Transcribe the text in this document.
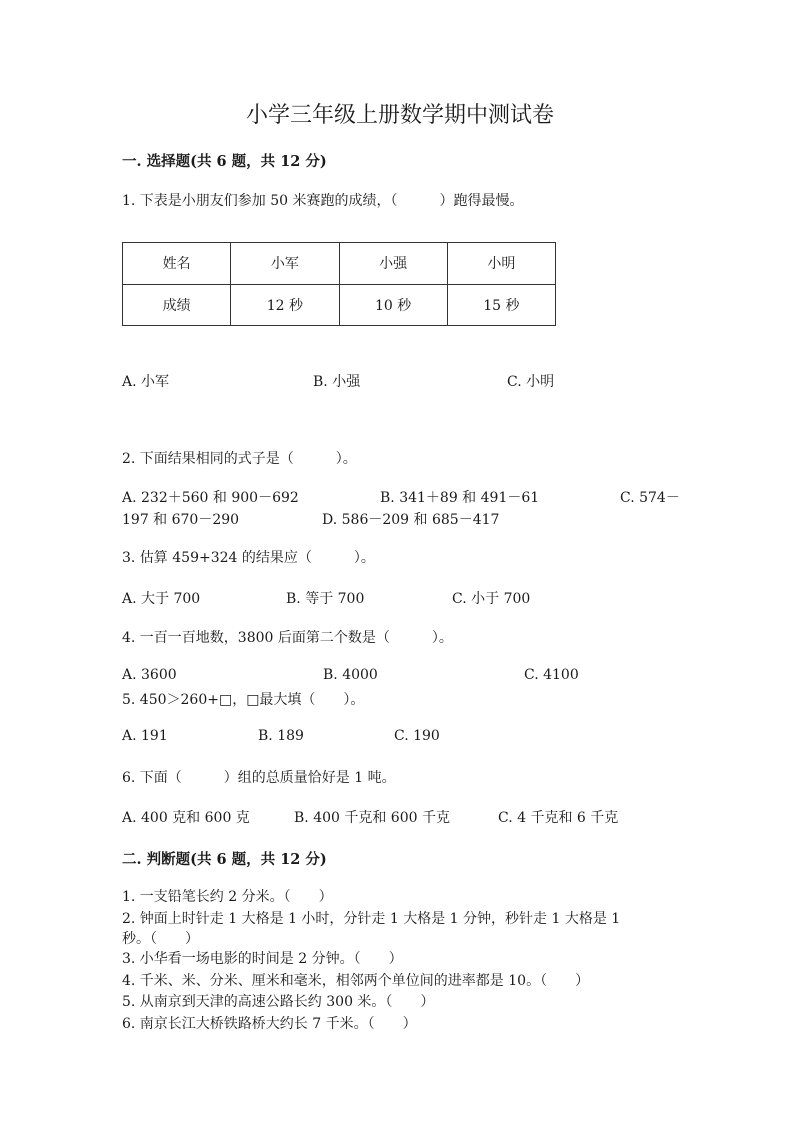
小学三年级上册数学期中测试卷
一. 选择题(共 6 题，共 12 分)
1. 下表是小朋友们参加 50 米赛跑的成绩，（　　　）跑得最慢。
姓名	小军	小强	小明
成绩	12 秒	10 秒	15 秒
A. 小军	B. 小强	C. 小明
2. 下面结果相同的式子是（　　　）。
A. 232＋560 和 900－692	B. 341＋89 和 491－61	C. 574－
197 和 670－290	D. 586－209 和 685－417
3. 估算 459+324 的结果应（　　　）。
A. 大于 700	B. 等于 700	C. 小于 700
4. 一百一百地数，3800 后面第二个数是（　　　）。
A. 3600	B. 4000	C. 4100
5. 450＞260+□，□最大填（　　）。
A. 191	B. 189	C. 190
6. 下面（　　　）组的总质量恰好是 1 吨。
A. 400 克和 600 克	B. 400 千克和 600 千克	C. 4 千克和 6 千克
二. 判断题(共 6 题，共 12 分)
1. 一支铅笔长约 2 分米。（　　）
2. 钟面上时针走 1 大格是 1 小时，分针走 1 大格是 1 分钟，秒针走 1 大格是 1
秒。（　　）
3. 小华看一场电影的时间是 2 分钟。（　　）
4. 千米、米、分米、厘米和毫米，相邻两个单位间的进率都是 10。（　　）
5. 从南京到天津的高速公路长约 300 米。（　　）
6. 南京长江大桥铁路桥大约长 7 千米。（　　）
